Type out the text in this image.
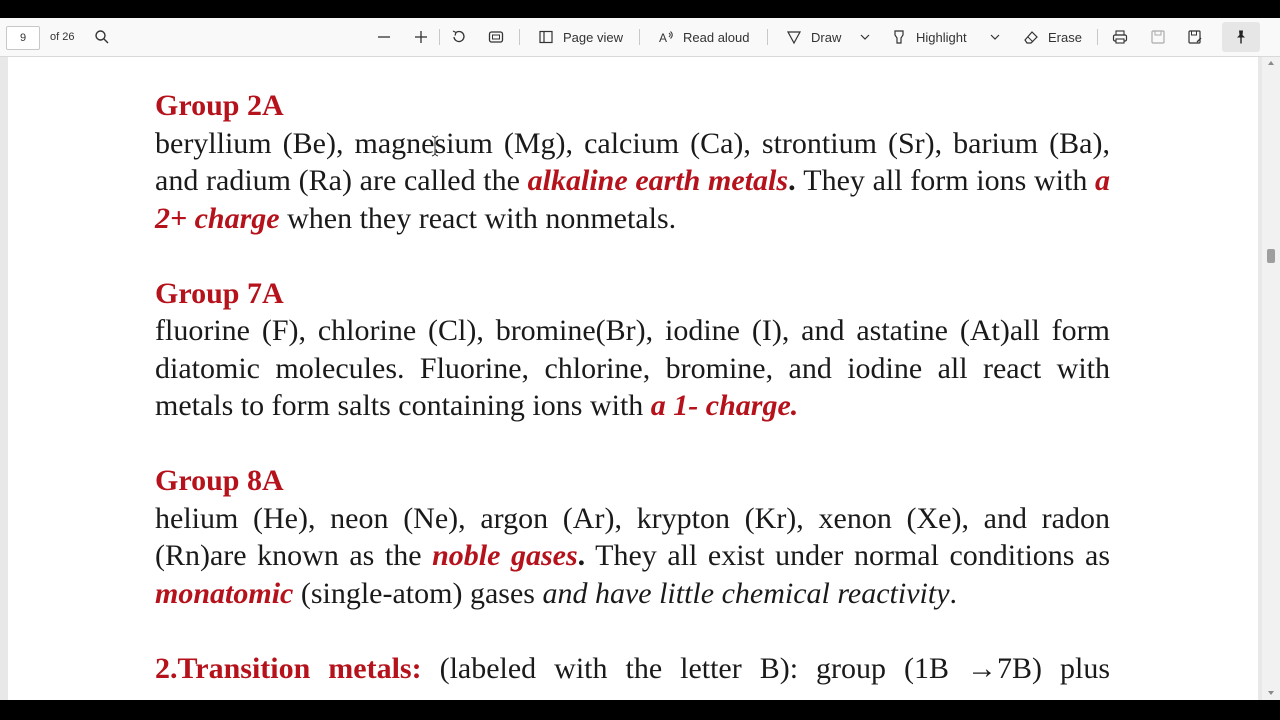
9	of 26	Page view	A Read aloud	Draw	Highlight	Erase
Group 2A
beryllium (Be), magnesium (Mg), calcium (Ca), strontium (Sr), barium (Ba), and radium (Ra) are called the alkaline earth metals. They all form ions with a 2+ charge when they react with nonmetals.
Group 7A
fluorine (F), chlorine (Cl), bromine(Br), iodine (I), and astatine (At)all form diatomic molecules. Fluorine, chlorine, bromine, and iodine all react with metals to form salts containing ions with a 1- charge.
Group 8A
helium (He), neon (Ne), argon (Ar), krypton (Kr), xenon (Xe), and radon (Rn)are known as the noble gases. They all exist under normal conditions as monatomic (single-atom) gases and have little chemical reactivity.
2.Transition metals: (labeled with the letter B): group (1B →7B) plus
